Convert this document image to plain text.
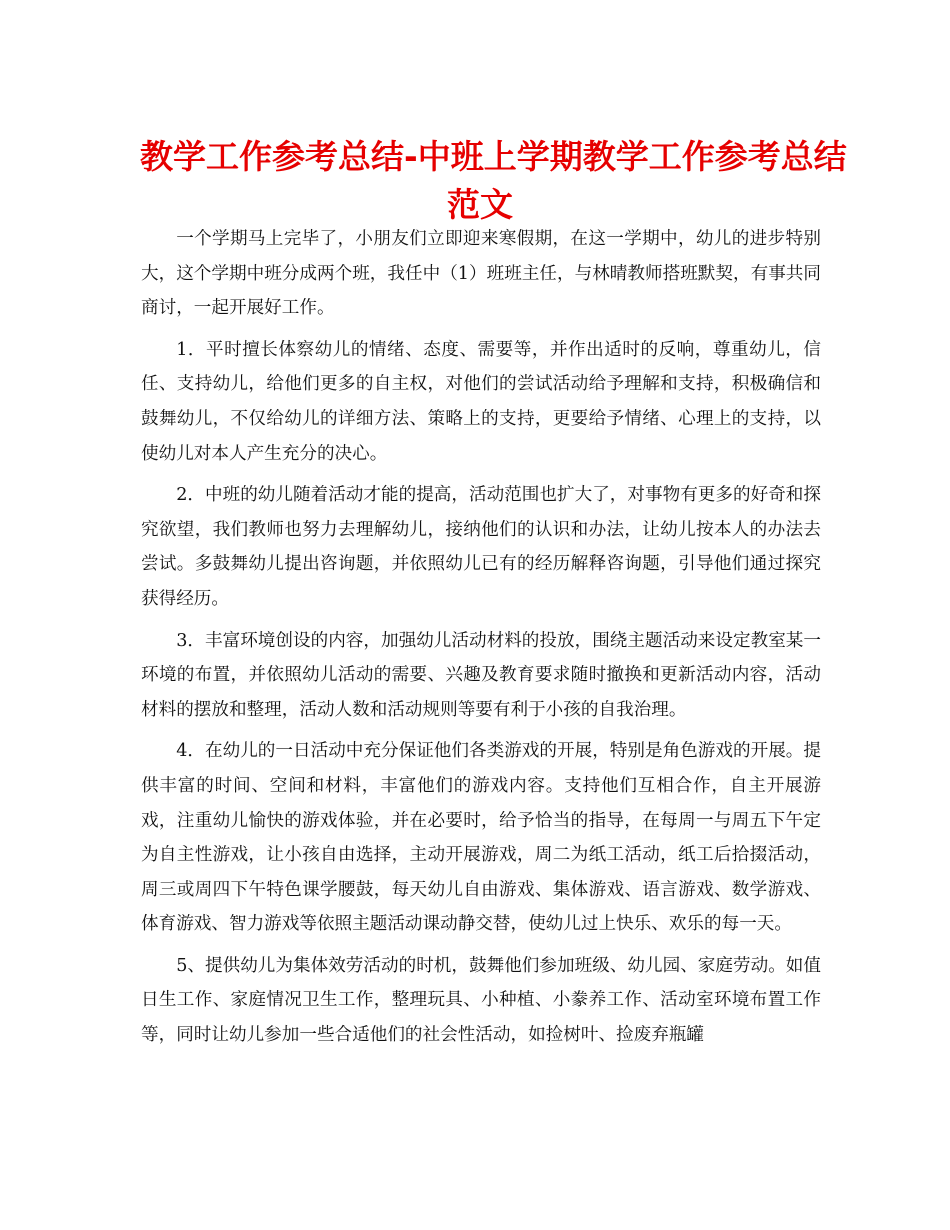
教学工作参考总结-中班上学期教学工作参考总结
范文

一个学期马上完毕了，小朋友们立即迎来寒假期，在这一学期中，幼儿的进步特别大，这个学期中班分成两个班，我任中（1）班班主任，与林晴教师搭班默契，有事共同商讨，一起开展好工作。

1．平时擅长体察幼儿的情绪、态度、需要等，并作出适时的反响，尊重幼儿，信任、支持幼儿，给他们更多的自主权，对他们的尝试活动给予理解和支持，积极确信和鼓舞幼儿，不仅给幼儿的详细方法、策略上的支持，更要给予情绪、心理上的支持，以使幼儿对本人产生充分的决心。

2．中班的幼儿随着活动才能的提高，活动范围也扩大了，对事物有更多的好奇和探究欲望，我们教师也努力去理解幼儿，接纳他们的认识和办法，让幼儿按本人的办法去尝试。多鼓舞幼儿提出咨询题，并依照幼儿已有的经历解释咨询题，引导他们通过探究获得经历。

3．丰富环境创设的内容，加强幼儿活动材料的投放，围绕主题活动来设定教室某一环境的布置，并依照幼儿活动的需要、兴趣及教育要求随时撤换和更新活动内容，活动材料的摆放和整理，活动人数和活动规则等要有利于小孩的自我治理。

4．在幼儿的一日活动中充分保证他们各类游戏的开展，特别是角色游戏的开展。提供丰富的时间、空间和材料，丰富他们的游戏内容。支持他们互相合作，自主开展游戏，注重幼儿愉快的游戏体验，并在必要时，给予恰当的指导，在每周一与周五下午定为自主性游戏，让小孩自由选择，主动开展游戏，周二为纸工活动，纸工后拾掇活动，周三或周四下午特色课学腰鼓，每天幼儿自由游戏、集体游戏、语言游戏、数学游戏、体育游戏、智力游戏等依照主题活动课动静交替，使幼儿过上快乐、欢乐的每一天。

5、提供幼儿为集体效劳活动的时机，鼓舞他们参加班级、幼儿园、家庭劳动。如值日生工作、家庭情况卫生工作，整理玩具、小种植、小豢养工作、活动室环境布置工作等，同时让幼儿参加一些合适他们的社会性活动，如捡树叶、捡废弃瓶罐
